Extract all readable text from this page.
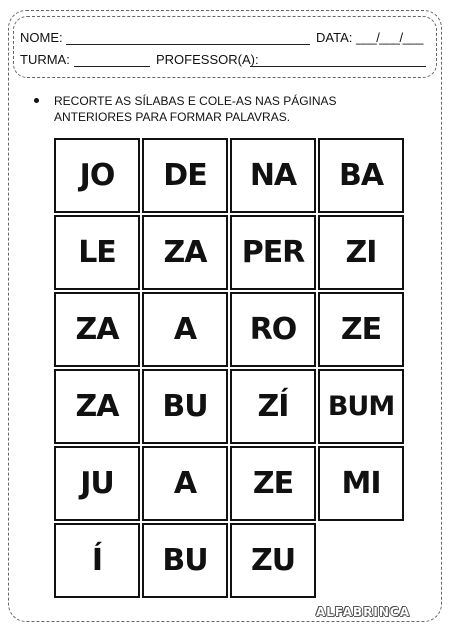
NOME:	DATA: ___/___/___
TURMA:	PROFESSOR(A):
RECORTE AS SÍLABAS E COLE-AS NAS PÁGINAS ANTERIORES PARA FORMAR PALAVRAS.
JO	DE	NA	BA
LE	ZA	PER	ZI
ZA	A	RO	ZE
ZA	BU	ZÍ	BUM
JU	A	ZE	MI
Í	BU	ZU
ALFABRINCA
